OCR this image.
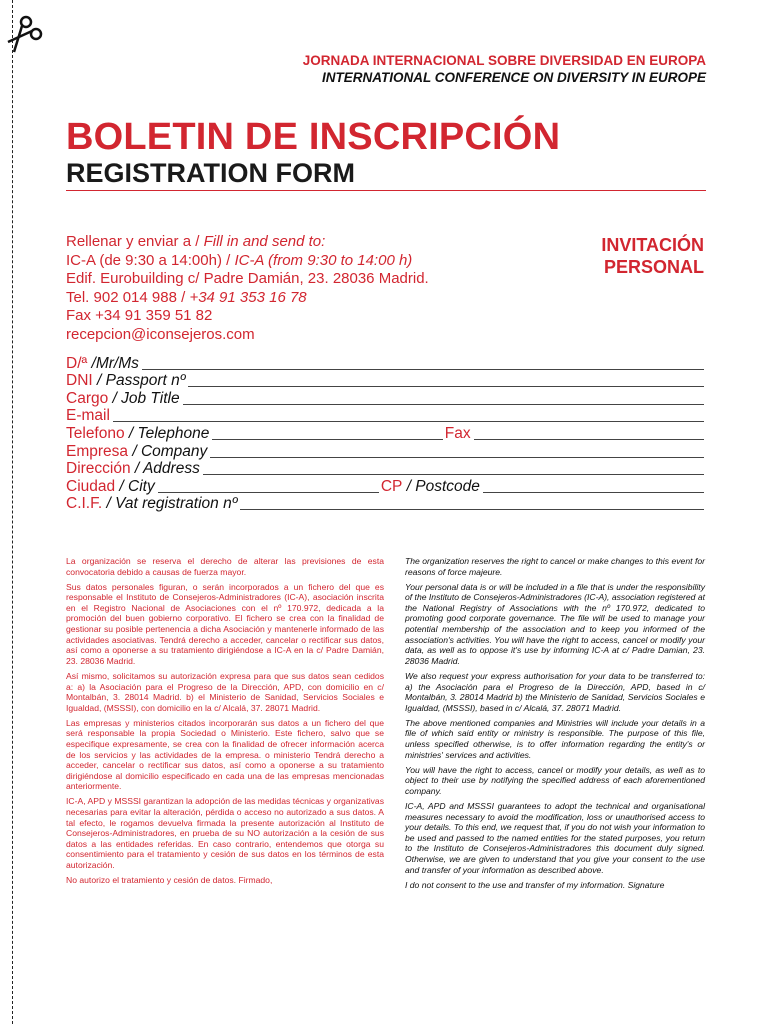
JORNADA INTERNACIONAL SOBRE DIVERSIDAD EN EUROPA
INTERNATIONAL CONFERENCE ON DIVERSITY IN EUROPE
BOLETIN DE INSCRIPCIÓN
REGISTRATION FORM
INVITACIÓN
PERSONAL
Rellenar y enviar a / Fill in and send to:
IC-A (de 9:30 a 14:00h) / IC-A (from 9:30 to 14:00 h)
Edif. Eurobuilding c/ Padre Damián, 23. 28036 Madrid.
Tel. 902 014 988 / +34 91 353 16 78
Fax +34 91 359 51 82
recepcion@iconsejeros.com
D/ª /Mr/Ms
DNI / Passport nº
Cargo / Job Title
E-mail
Telefono / Telephone	Fax
Empresa / Company
Dirección / Address
Ciudad / City	CP / Postcode
C.I.F. / Vat registration nº

La organización se reserva el derecho de alterar las previsiones de esta convocatoria debido a causas de fuerza mayor.

Sus datos personales figuran, o serán incorporados a un fichero del que es responsable el Instituto de Consejeros-Administradores (IC-A), asociación inscrita en el Registro Nacional de Asociaciones con el nº 170.972, dedicada a la promoción del buen gobierno corporativo. El fichero se crea con la finalidad de gestionar su posible pertenencia a dicha Asociación y mantenerle informado de las actividades asociativas. Tendrá derecho a acceder, cancelar o rectificar sus datos, así como a oponerse a su tratamiento dirigiéndose a IC-A en la c/ Padre Damián, 23. 28036 Madrid.

Así mismo, solicitamos su autorización expresa para que sus datos sean cedidos a: a) la Asociación para el Progreso de la Dirección, APD, con domicilio en c/ Montalbán, 3. 28014 Madrid. b) el Ministerio de Sanidad, Servicios Sociales e Igualdad, (MSSSI), con domicilio en la c/ Alcalá, 37. 28071 Madrid.

Las empresas y ministerios citados incorporarán sus datos a un fichero del que será responsable la propia Sociedad o Ministerio. Este fichero, salvo que se especifique expresamente, se crea con la finalidad de ofrecer información acerca de los servicios y las actividades de la empresa. o ministerio Tendrá derecho a acceder, cancelar o rectificar sus datos, así como a oponerse a su tratamiento dirigiéndose al domicilio especificado en cada una de las empresas mencionadas anteriormente.

IC-A, APD y MSSSI garantizan la adopción de las medidas técnicas y organizativas necesarias para evitar la alteración, pérdida o acceso no autorizado a sus datos. A tal efecto, le rogamos devuelva firmada la presente autorización al Instituto de Consejeros-Administradores, en prueba de su NO autorización a la cesión de sus datos a las entidades referidas. En caso contrario, entendemos que otorga su consentimiento para el tratamiento y cesión de sus datos en los términos de esta autorización.

No autorizo el tratamiento y cesión de datos. Firmado,

The organization reserves the right to cancel or make changes to this event for reasons of force majeure.

Your personal data is or will be included in a file that is under the responsibility of the Instituto de Consejeros-Administradores (IC-A), association registered at the National Registry of Associations with the nº 170.972, dedicated to promoting good corporate governance. The file will be used to manage your potential membership of the association and to keep you informed of the association's activities. You will have the right to access, cancel or modify your data, as well as to oppose it's use by informing IC-A at c/ Padre Damian, 23. 28036 Madrid.

We also request your express authorisation for your data to be transferred to: a) the Asociación para el Progreso de la Dirección, APD, based in c/ Montalbán, 3. 28014 Madrid b) the Ministerio de Sanidad, Servicios Sociales e Igualdad, (MSSSI), based in c/ Alcalá, 37. 28071 Madrid.

The above mentioned companies and Ministries will include your details in a file of which said entity or ministry is responsible. The purpose of this file, unless specified otherwise, is to offer information regarding the entity's or ministries' services and activities.

You will have the right to access, cancel or modify your details, as well as to object to their use by notifying the specified address of each aforementioned company.

IC-A, APD and MSSSI guarantees to adopt the technical and organisational measures necessary to avoid the modification, loss or unauthorised access to your details. To this end, we request that, if you do not wish your information to be used and passed to the named entities for the stated purposes, you return to the Instituto de Consejeros-Administradores this document duly signed. Otherwise, we are given to understand that you give your consent to the use and transfer of your information as described above.

I do not consent to the use and transfer of my information. Signature
